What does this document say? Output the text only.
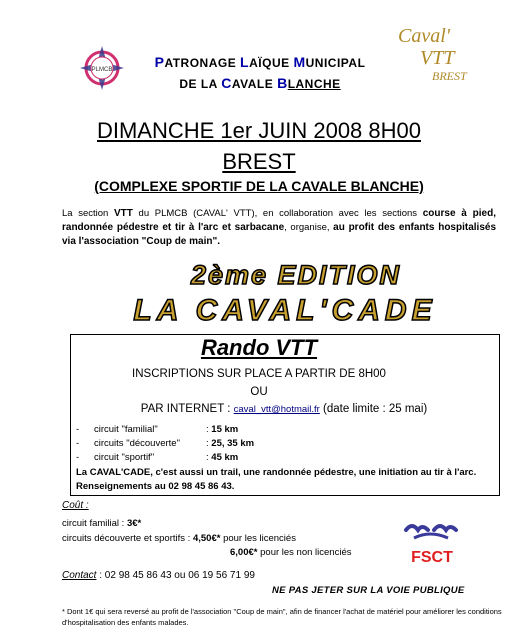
PLMCB	PATRONAGE LAÏQUE MUNICIPAL
DE LA CAVALE BLANCHE
Caval'
VTT
BREST
DIMANCHE 1er JUIN 2008 8H00
BREST
(COMPLEXE SPORTIF DE LA CAVALE BLANCHE)
La section VTT du PLMCB (CAVAL' VTT), en collaboration avec les sections course à pied, randonnée pédestre et tir à l'arc et sarbacane, organise, au profit des enfants hospitalisés via l'association "Coup de main".
2ème EDITION
LA CAVAL'CADE
Rando VTT
INSCRIPTIONS SUR PLACE A PARTIR DE 8H00
OU
PAR INTERNET : caval_vtt@hotmail.fr (date limite : 25 mai)
- circuit "familial"	: 15 km
- circuits "découverte"	: 25, 35 km
- circuit "sportif"	: 45 km
La CAVAL'CADE, c'est aussi un trail, une randonnée pédestre, une initiation au tir à l'arc. Renseignements au 02 98 45 86 43.
Coût :
circuit familial : 3€*
circuits découverte et sportifs : 4,50€* pour les licenciés
6,00€* pour les non licenciés	FSCT
Contact : 02 98 45 86 43 ou 06 19 56 71 99
NE PAS JETER SUR LA VOIE PUBLIQUE
* Dont 1€ qui sera reversé au profit de l'association "Coup de main", afin de financer l'achat de matériel pour améliorer les conditions d'hospitalisation des enfants malades.
